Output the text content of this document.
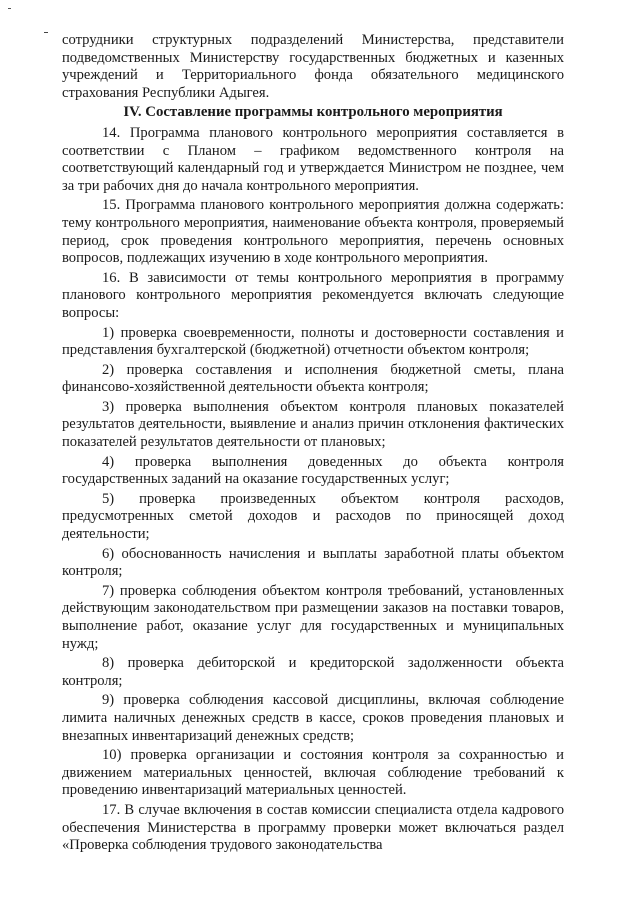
сотрудники структурных подразделений Министерства, представители подведомственных Министерству государственных бюджетных и казенных учреждений и Территориального фонда обязательного медицинского страхования Республики Адыгея.

IV. Составление программы контрольного мероприятия

14. Программа планового контрольного мероприятия составляется в соответствии с Планом – графиком ведомственного контроля на соответствующий календарный год и утверждается Министром не позднее, чем за три рабочих дня до начала контрольного мероприятия.

15. Программа планового контрольного мероприятия должна содержать: тему контрольного мероприятия, наименование объекта контроля, проверяемый период, срок проведения контрольного мероприятия, перечень основных вопросов, подлежащих изучению в ходе контрольного мероприятия.

16. В зависимости от темы контрольного мероприятия в программу планового контрольного мероприятия рекомендуется включать следующие вопросы:

1) проверка своевременности, полноты и достоверности составления и представления бухгалтерской (бюджетной) отчетности объектом контроля;

2) проверка составления и исполнения бюджетной сметы, плана финансово-хозяйственной деятельности объекта контроля;

3) проверка выполнения объектом контроля плановых показателей результатов деятельности, выявление и анализ причин отклонения фактических показателей результатов деятельности от плановых;

4) проверка выполнения доведенных до объекта контроля государственных заданий на оказание государственных услуг;

5) проверка произведенных объектом контроля расходов, предусмотренных сметой доходов и расходов по приносящей доход деятельности;

6) обоснованность начисления и выплаты заработной платы объектом контроля;

7) проверка соблюдения объектом контроля требований, установленных действующим законодательством при размещении заказов на поставки товаров, выполнение работ, оказание услуг для государственных и муниципальных нужд;

8) проверка дебиторской и кредиторской задолженности объекта контроля;

9) проверка соблюдения кассовой дисциплины, включая соблюдение лимита наличных денежных средств в кассе, сроков проведения плановых и внезапных инвентаризаций денежных средств;

10) проверка организации и состояния контроля за сохранностью и движением материальных ценностей, включая соблюдение требований к проведению инвентаризаций материальных ценностей.

17. В случае включения в состав комиссии специалиста отдела кадрового обеспечения Министерства в программу проверки может включаться раздел «Проверка соблюдения трудового законодательства
